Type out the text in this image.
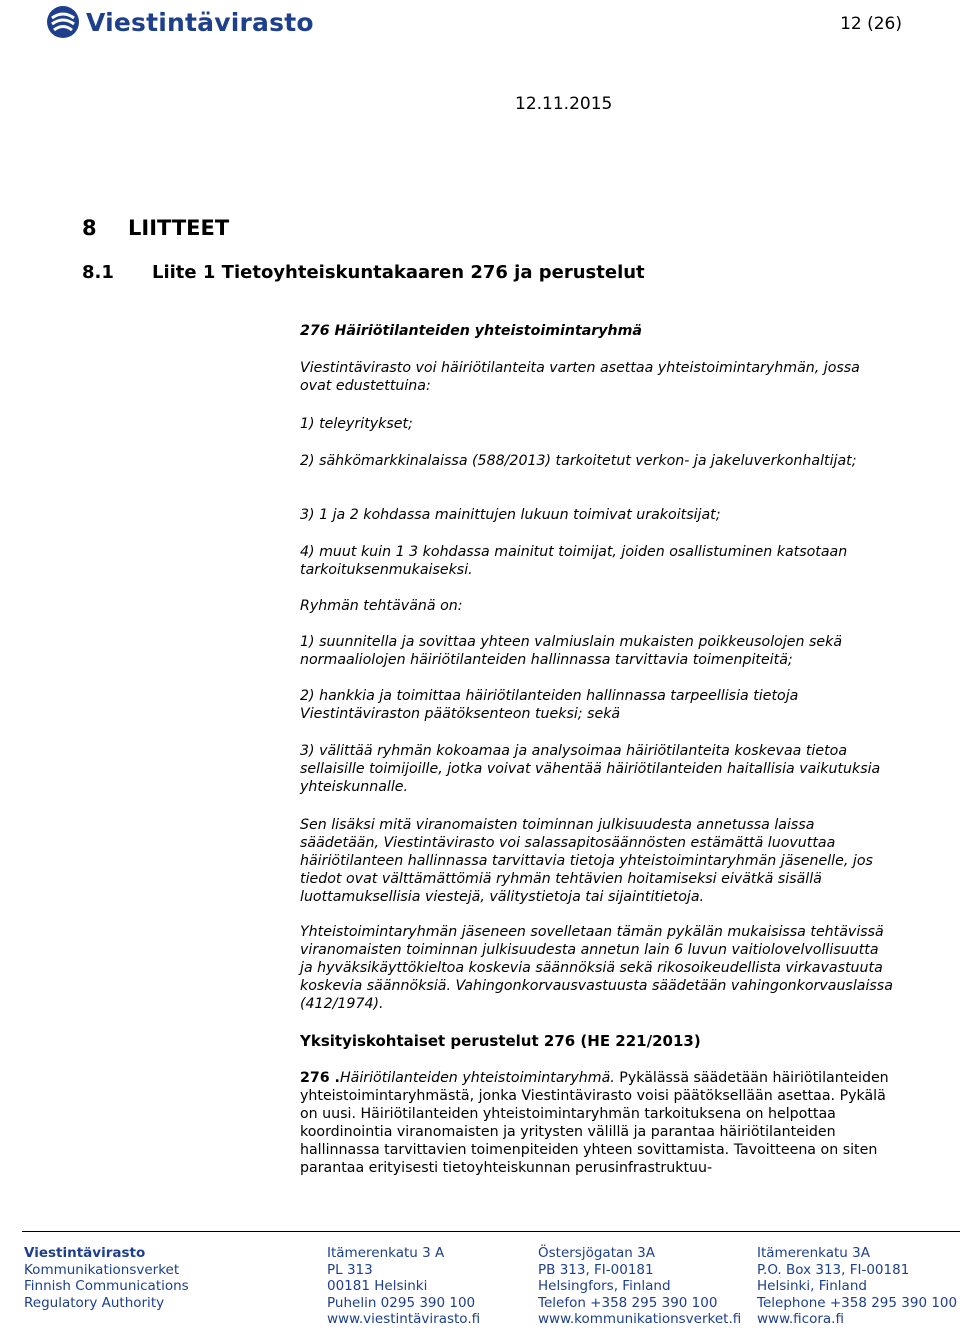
Viestintävirasto	12 (26)
12.11.2015
8 LIITTEET
8.1 Liite 1 Tietoyhteiskuntakaaren 276 ja perustelut
276 Häiriötilanteiden yhteistoimintaryhmä
Viestintävirasto voi häiriötilanteita varten asettaa yhteistoimintaryhmän, jossa ovat edustettuina:
1) teleyritykset;
2) sähkömarkkinalaissa (588/2013) tarkoitetut verkon- ja jakeluverkonhaltijat;
3) 1 ja 2 kohdassa mainittujen lukuun toimivat urakoitsijat;
4) muut kuin 1 3 kohdassa mainitut toimijat, joiden osallistuminen katsotaan tarkoituksenmukaiseksi.
Ryhmän tehtävänä on:
1) suunnitella ja sovittaa yhteen valmiuslain mukaisten poikkeusolojen sekä normaaliolojen häiriötilanteiden hallinnassa tarvittavia toimenpiteitä;
2) hankkia ja toimittaa häiriötilanteiden hallinnassa tarpeellisia tietoja Viestintäviraston päätöksenteon tueksi; sekä
3) välittää ryhmän kokoamaa ja analysoimaa häiriötilanteita koskevaa tietoa sellaisille toimijoille, jotka voivat vähentää häiriötilanteiden haitallisia vaikutuksia yhteiskunnalle.
Sen lisäksi mitä viranomaisten toiminnan julkisuudesta annetussa laissa säädetään, Viestintävirasto voi salassapitosäännösten estämättä luovuttaa häiriötilanteen hallinnassa tarvittavia tietoja yhteistoimintaryhmän jäsenelle, jos tiedot ovat välttämättömiä ryhmän tehtävien hoitamiseksi eivätkä sisällä luottamuksellisia viestejä, välitystietoja tai sijaintitietoja.
Yhteistoimintaryhmän jäseneen sovelletaan tämän pykälän mukaisissa tehtävissä viranomaisten toiminnan julkisuudesta annetun lain 6 luvun vaitiolovelvollisuutta ja hyväksikäyttökieltoa koskevia säännöksiä sekä rikosoikeudellista virkavastuuta koskevia säännöksiä. Vahingonkorvausvastuusta säädetään vahingonkorvauslaissa (412/1974).
Yksityiskohtaiset perustelut 276 (HE 221/2013)
276 .Häiriötilanteiden yhteistoimintaryhmä. Pykälässä säädetään häiriötilanteiden yhteistoimintaryhmästä, jonka Viestintävirasto voisi päätöksellään asettaa. Pykälä on uusi. Häiriötilanteiden yhteistoimintaryhmän tarkoituksena on helpottaa koordinointia viranomaisten ja yritysten välillä ja parantaa häiriötilanteiden hallinnassa tarvittavien toimenpiteiden yhteen sovittamista. Tavoitteena on siten parantaa erityisesti tietoyhteiskunnan perusinfrastruktuu-
Viestintävirasto
Kommunikationsverket
Finnish Communications
Regulatory Authority
Itämerenkatu 3 A
PL 313
00181 Helsinki
Puhelin 0295 390 100
www.viestintävirasto.fi
Östersjögatan 3A
PB 313, FI-00181
Helsingfors, Finland
Telefon +358 295 390 100
www.kommunikationsverket.fi
Itämerenkatu 3A
P.O. Box 313, FI-00181
Helsinki, Finland
Telephone +358 295 390 100
www.ficora.fi
